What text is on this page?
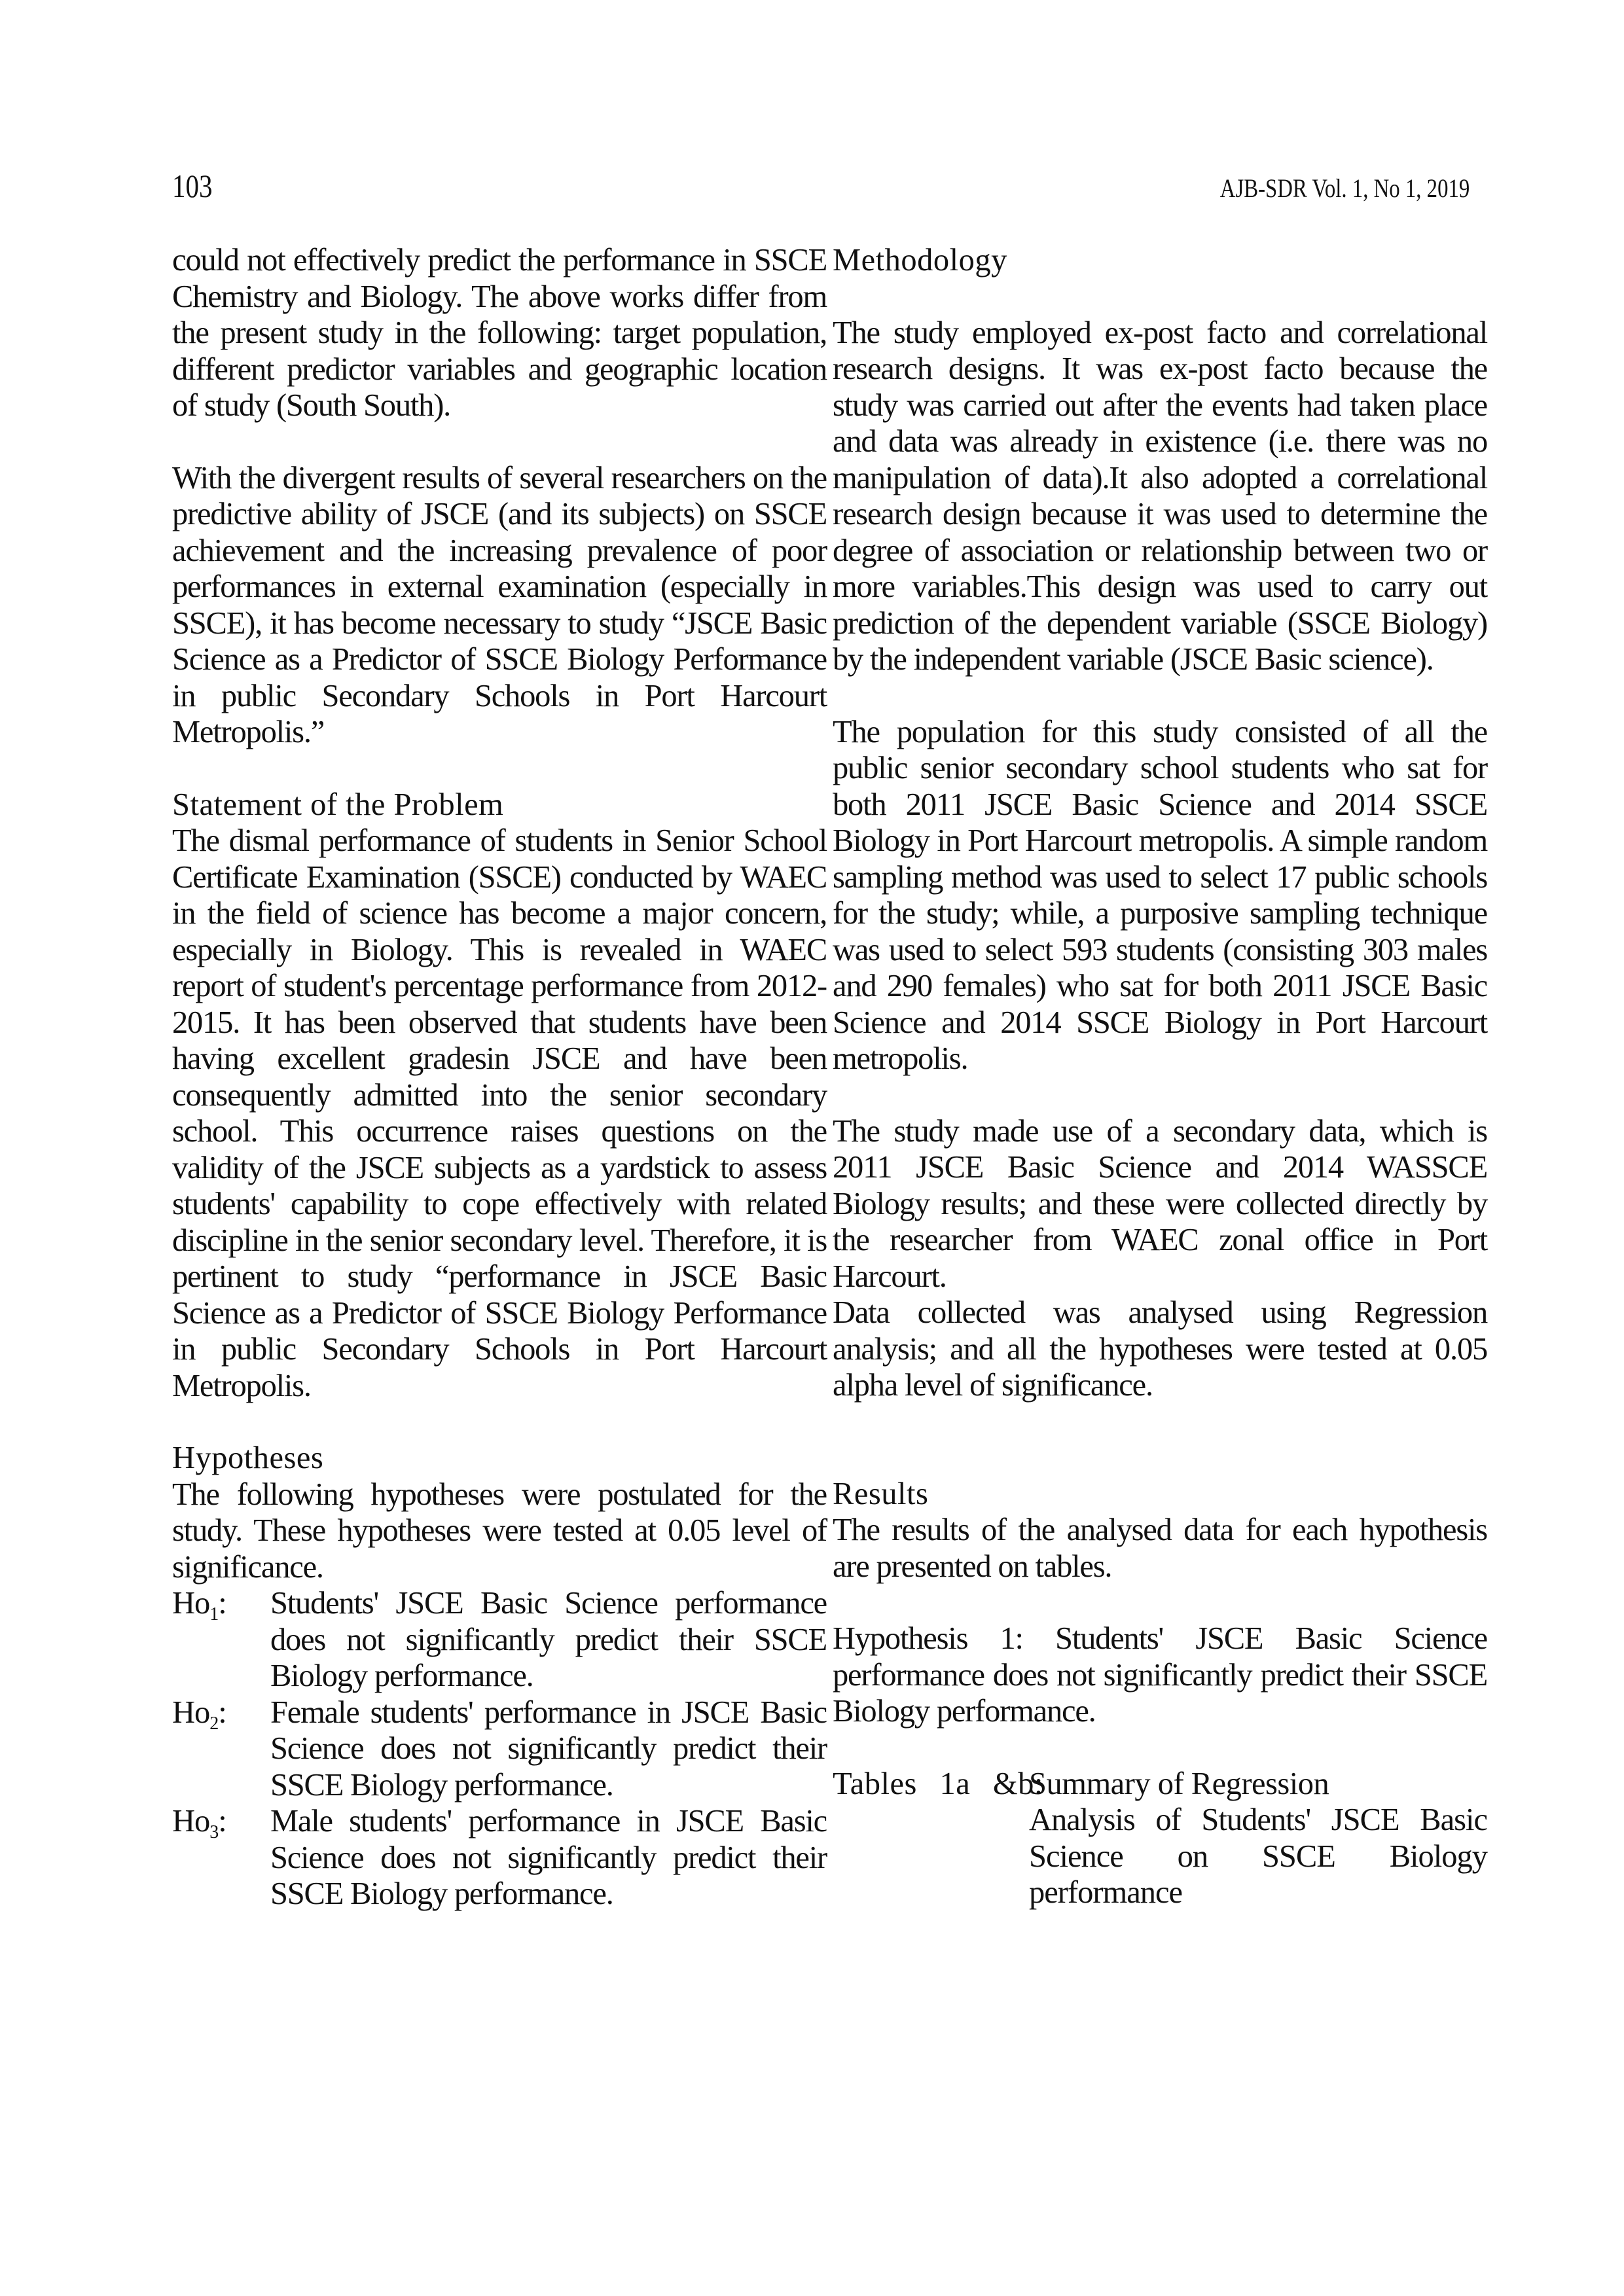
103	AJB-SDR Vol. 1, No 1, 2019

could not effectively predict the performance in SSCE Chemistry and Biology. The above works differ from the present study in the following: target population, different predictor variables and geographic location of study (South South).

With the divergent results of several researchers on the predictive ability of JSCE (and its subjects) on SSCE achievement and the increasing prevalence of poor performances in external examination (especially in SSCE), it has become necessary to study “JSCE Basic Science as a Predictor of SSCE Biology Performance in public Secondary Schools in Port Harcourt Metropolis.”

Statement of the Problem

The dismal performance of students in Senior School Certificate Examination (SSCE) conducted by WAEC in the field of science has become a major concern, especially in Biology. This is revealed in WAEC report of student's percentage performance from 2012-2015. It has been observed that students have been having excellent gradesin JSCE and have been consequently admitted into the senior secondary school. This occurrence raises questions on the validity of the JSCE subjects as a yardstick to assess students' capability to cope effectively with related discipline in the senior secondary level. Therefore, it is pertinent to study “performance in JSCE Basic Science as a Predictor of SSCE Biology Performance in public Secondary Schools in Port Harcourt Metropolis.

Hypotheses

The following hypotheses were postulated for the study. These hypotheses were tested at 0.05 level of significance.

$Ho_1$:	Students' JSCE Basic Science performance does not significantly predict their SSCE Biology performance.
$Ho_2$:	Female students' performance in JSCE Basic Science does not significantly predict their SSCE Biology performance.
$Ho_3$:	Male students' performance in JSCE Basic Science does not significantly predict their SSCE Biology performance.

Methodology

The study employed ex-post facto and correlational research designs. It was ex-post facto because the study was carried out after the events had taken place and data was already in existence (i.e. there was no manipulation of data).It also adopted a correlational research design because it was used to determine the degree of association or relationship between two or more variables.This design was used to carry out prediction of the dependent variable (SSCE Biology) by the independent variable (JSCE Basic science).

The population for this study consisted of all the public senior secondary school students who sat for both 2011 JSCE Basic Science and 2014 SSCE Biology in Port Harcourt metropolis. A simple random sampling method was used to select 17 public schools for the study; while, a purposive sampling technique was used to select 593 students (consisting 303 males and 290 females) who sat for both 2011 JSCE Basic Science and 2014 SSCE Biology in Port Harcourt metropolis.

The study made use of a secondary data, which is 2011 JSCE Basic Science and 2014 WASSCE Biology results; and these were collected directly by the researcher from WAEC zonal office in Port Harcourt.

Data collected was analysed using Regression analysis; and all the hypotheses were tested at 0.05 alpha level of significance.

Results

The results of the analysed data for each hypothesis are presented on tables.

Hypothesis 1: Students' JSCE Basic Science performance does not significantly predict their SSCE Biology performance.

Tables 1a &b:
Summary of Regression
Analysis of Students' JSCE Basic Science on SSCE Biology performance
